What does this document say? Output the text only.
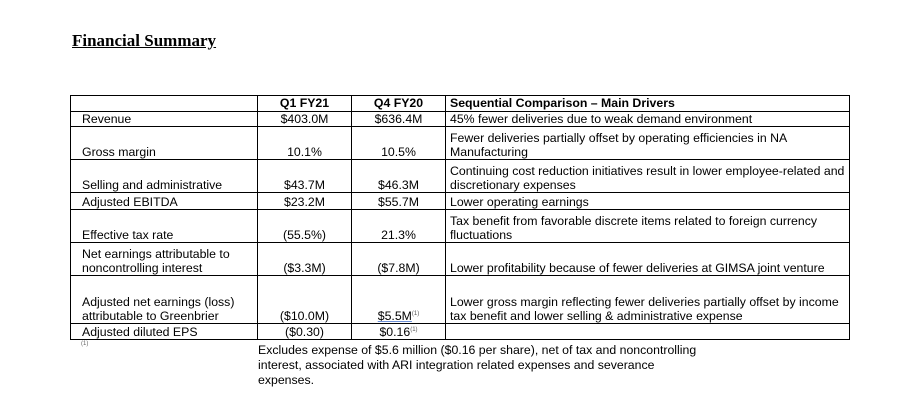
Financial Summary
	Q1 FY21	Q4 FY20	Sequential Comparison – Main Drivers
Revenue	$403.0M	$636.4M	45% fewer deliveries due to weak demand environment
Gross margin	10.1%	10.5%	Fewer deliveries partially offset by operating efficiencies in NA Manufacturing
Selling and administrative	$43.7M	$46.3M	Continuing cost reduction initiatives result in lower employee-related and discretionary expenses
Adjusted EBITDA	$23.2M	$55.7M	Lower operating earnings
Effective tax rate	(55.5%)	21.3%	Tax benefit from favorable discrete items related to foreign currency fluctuations
Net earnings attributable to noncontrolling interest	($3.3M)	($7.8M)	Lower profitability because of fewer deliveries at GIMSA joint venture
Adjusted net earnings (loss) attributable to Greenbrier	($10.0M)	$5.5M$^{(1)}$	Lower gross margin reflecting fewer deliveries partially offset by income tax benefit and lower selling & administrative expense
Adjusted diluted EPS	($0.30)	$0.16$^{(1)}$	
(1)	Excludes expense of $5.6 million ($0.16 per share), net of tax and noncontrolling interest, associated with ARI integration related expenses and severance expenses.
